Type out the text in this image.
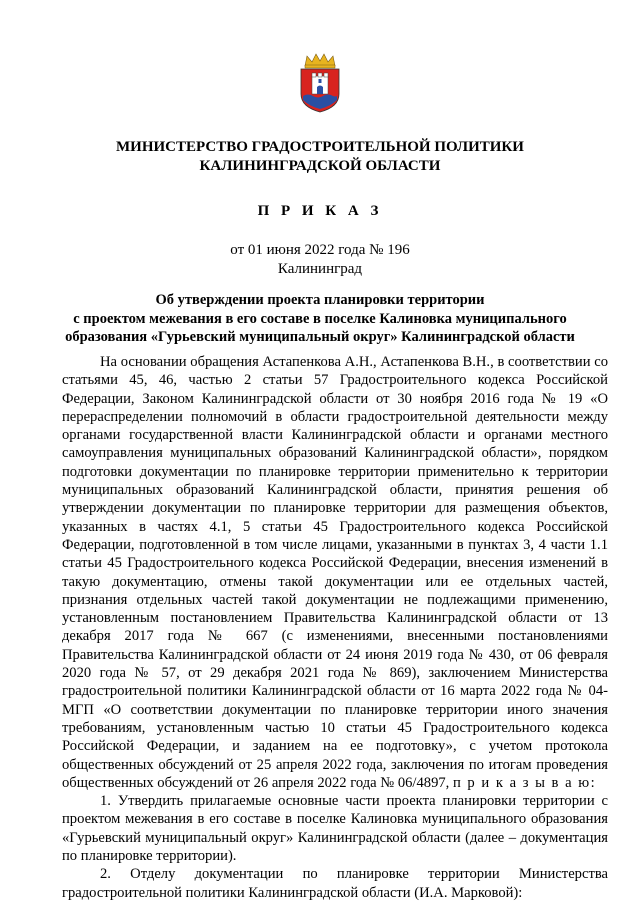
МИНИСТЕРСТВО ГРАДОСТРОИТЕЛЬНОЙ ПОЛИТИКИ
КАЛИНИНГРАДСКОЙ ОБЛАСТИ
П Р И К А З
от 01 июня 2022 года № 196
Калининград
Об утверждении проекта планировки территории
с проектом межевания в его составе в поселке Калиновка муниципального
образования «Гурьевский муниципальный округ» Калининградской области

На основании обращения Астапенкова А.Н., Астапенкова В.Н., в соответствии со статьями 45, 46, частью 2 статьи 57 Градостроительного кодекса Российской Федерации, Законом Калининградской области от 30 ноября 2016 года № 19 «О перераспределении полномочий в области градостроительной деятельности между органами государственной власти Калининградской области и органами местного самоуправления муниципальных образований Калининградской области», порядком подготовки документации по планировке территории применительно к территории муниципальных образований Калининградской области, принятия решения об утверждении документации по планировке территории для размещения объектов, указанных в частях 4.1, 5 статьи 45 Градостроительного кодекса Российской Федерации, подготовленной в том числе лицами, указанными в пунктах 3, 4 части 1.1 статьи 45 Градостроительного кодекса Российской Федерации, внесения изменений в такую документацию, отмены такой документации или ее отдельных частей, признания отдельных частей такой документации не подлежащими применению, установленным постановлением Правительства Калининградской области от 13 декабря 2017 года № 667 (с изменениями, внесенными постановлениями Правительства Калининградской области от 24 июня 2019 года № 430, от 06 февраля 2020 года № 57, от 29 декабря 2021 года № 869), заключением Министерства градостроительной политики Калининградской области от 16 марта 2022 года № 04-МГП «О соответствии документации по планировке территории иного значения требованиям, установленным частью 10 статьи 45 Градостроительного кодекса Российской Федерации, и заданием на ее подготовку», с учетом протокола общественных обсуждений от 25 апреля 2022 года, заключения по итогам проведения общественных обсуждений от 26 апреля 2022 года № 06/4897, п р и к а з ы в а ю:

1. Утвердить прилагаемые основные части проекта планировки территории с проектом межевания в его составе в поселке Калиновка муниципального образования «Гурьевский муниципальный округ» Калининградской области (далее – документация по планировке территории).

2. Отделу документации по планировке территории Министерства градостроительной политики Калининградской области (И.А. Марковой):
